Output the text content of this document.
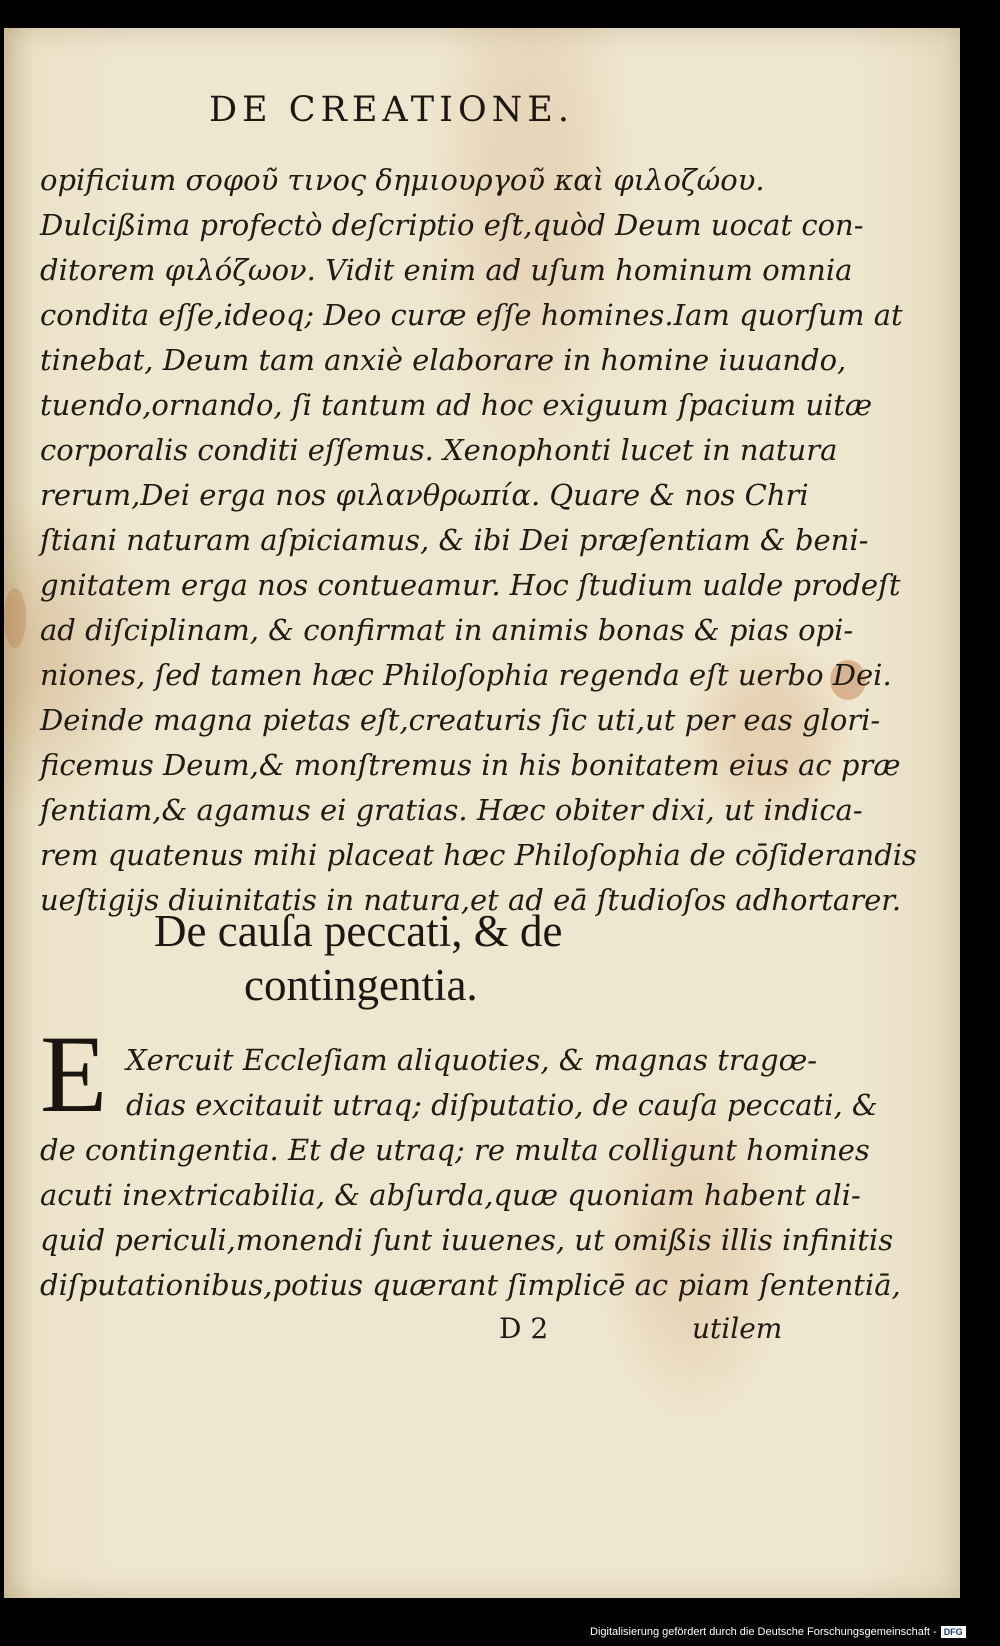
DE CREATIONE.
opificium σοφοῦ τινος δημιουργοῦ καὶ φιλοζώου.
Dulcißima profectò deſcriptio eſt,quòd Deum uocat con-
ditorem φιλόζωον. Vidit enim ad uſum hominum omnia
condita eſſe,ideoq; Deo curæ eſſe homines.Iam quorſum at
tinebat, Deum tam anxiè elaborare in homine iuuando,
tuendo,ornando, ſi tantum ad hoc exiguum ſpacium uitæ
corporalis conditi eſſemus. Xenophonti lucet in natura
rerum,Dei erga nos φιλανθρωπία. Quare & nos Chri
ſtiani naturam aſpiciamus, & ibi Dei præſentiam & beni-
gnitatem erga nos contueamur. Hoc ſtudium ualde prodeſt
ad diſciplinam, & confirmat in animis bonas & pias opi-
niones, ſed tamen hæc Philoſophia regenda eſt uerbo Dei.
Deinde magna pietas eſt,creaturis ſic uti,ut per eas glori-
ficemus Deum,& monſtremus in his bonitatem eius ac præ
ſentiam,& agamus ei gratias. Hæc obiter dixi, ut indica-
rem quatenus mihi placeat hæc Philoſophia de cōſiderandis
ueſtigijs diuinitatis in natura,et ad eā ſtudioſos adhortarer.
De cauſa peccati, & de
contingentia.
E Xercuit Eccleſiam aliquoties, & magnas tragœ-
dias excitauit utraq; diſputatio, de cauſa peccati, &
de contingentia. Et de utraq; re multa colligunt homines
acuti inextricabilia, & abſurda,quæ quoniam habent ali-
quid periculi,monendi ſunt iuuenes, ut omißis illis infinitis
diſputationibus,potius quærant ſimplicē ac piam ſententiā,
D 2	utilem
Digitalisierung gefördert durch die Deutsche Forschungsgemeinschaft - DFG
